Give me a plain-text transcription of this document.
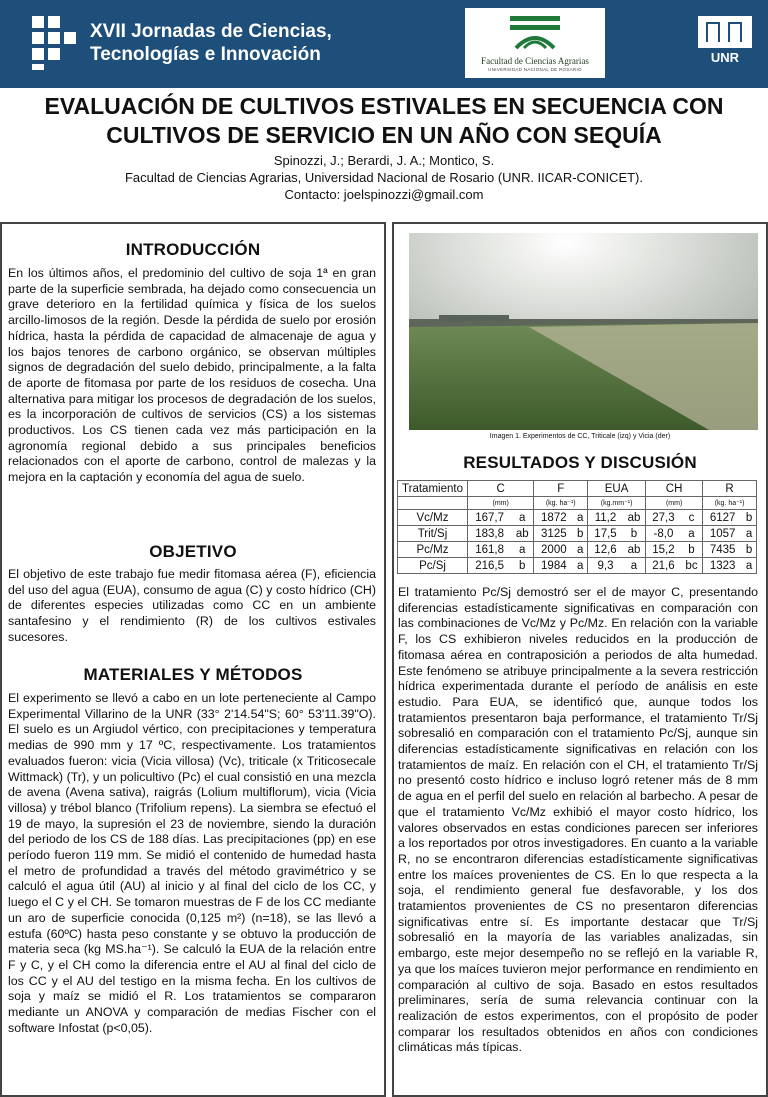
XVII Jornadas de Ciencias,
Tecnologías e Innovación	Facultad de Ciencias Agrarias
UNIVERSIDAD NACIONAL DE ROSARIO
UNR
EVALUACIÓN DE CULTIVOS ESTIVALES EN SECUENCIA CON
CULTIVOS DE SERVICIO EN UN AÑO CON SEQUÍA
Spinozzi, J.; Berardi, J. A.; Montico, S.
Facultad de Ciencias Agrarias, Universidad Nacional de Rosario (UNR. IICAR-CONICET).
Contacto: joelspinozzi@gmail.com
INTRODUCCIÓN
En los últimos años, el predominio del cultivo de soja 1ª en gran parte de la superficie sembrada, ha dejado como consecuencia un grave deterioro en la fertilidad química y física de los suelos arcillo-limosos de la región. Desde la pérdida de suelo por erosión hídrica, hasta la pérdida de capacidad de almacenaje de agua y los bajos tenores de carbono orgánico, se observan múltiples signos de degradación del suelo debido, principalmente, a la falta de aporte de fitomasa por parte de los residuos de cosecha. Una alternativa para mitigar los procesos de degradación de los suelos, es la incorporación de cultivos de servicios (CS) a los sistemas productivos. Los CS tienen cada vez más participación en la agronomía regional debido a sus principales beneficios relacionados con el aporte de carbono, control de malezas y la mejora en la captación y economía del agua de suelo.
OBJETIVO
El objetivo de este trabajo fue medir fitomasa aérea (F), eficiencia del uso del agua (EUA), consumo de agua (C) y costo hídrico (CH) de diferentes especies utilizadas como CC en un ambiente santafesino y el rendimiento (R) de los cultivos estivales sucesores.
MATERIALES Y MÉTODOS
El experimento se llevó a cabo en un lote perteneciente al Campo Experimental Villarino de la UNR (33° 2'14.54"S; 60° 53'11.39"O). El suelo es un Argiudol vértico, con precipitaciones y temperatura medias de 990 mm y 17 ºC, respectivamente. Los tratamientos evaluados fueron: vicia (Vicia villosa) (Vc), triticale (x Triticosecale Wittmack) (Tr), y un policultivo (Pc) el cual consistió en una mezcla de avena (Avena sativa), raigrás (Lolium multiflorum), vicia (Vicia villosa) y trébol blanco (Trifolium repens). La siembra se efectuó el 19 de mayo, la supresión el 23 de noviembre, siendo la duración del periodo de los CS de 188 días. Las precipitaciones (pp) en ese período fueron 119 mm. Se midió el contenido de humedad hasta el metro de profundidad a través del método gravimétrico y se calculó el agua útil (AU) al inicio y al final del ciclo de los CC, y luego el C y el CH. Se tomaron muestras de F de los CC mediante un aro de superficie conocida (0,125 m²) (n=18), se las llevó a estufa (60ºC) hasta peso constante y se obtuvo la producción de materia seca (kg MS.ha⁻¹). Se calculó la EUA de la relación entre F y C, y el CH como la diferencia entre el AU al final del ciclo de los CC y el AU del testigo en la misma fecha. En los cultivos de soja y maíz se midió el R. Los tratamientos se compararon mediante un ANOVA y comparación de medias Fischer con el software Infostat (p<0,05).
Imagen 1. Experimentos de CC, Triticale (izq) y Vicia (der)
RESULTADOS Y DISCUSIÓN
Tratamiento	C		F		EUA		CH		R	
	(mm)		(kg. ha⁻¹)		(kg.mm⁻¹)		(mm)		(kg. ha⁻¹)	
Vc/Mz	167,7	a	1872	a	11,2	ab	27,3	c	6127	b
Trit/Sj	183,8	ab	3125	b	17,5	b	-8,0	a	1057	a
Pc/Mz	161,8	a	2000	a	12,6	ab	15,2	b	7435	b
Pc/Sj	216,5	b	1984	a	9,3	a	21,6	bc	1323	a
El tratamiento Pc/Sj demostró ser el de mayor C, presentando diferencias estadísticamente significativas en comparación con las combinaciones de Vc/Mz y Pc/Mz. En relación con la variable F, los CS exhibieron niveles reducidos en la producción de fitomasa aérea en contraposición a periodos de alta humedad. Este fenómeno se atribuye principalmente a la severa restricción hídrica experimentada durante el período de análisis en este estudio. Para EUA, se identificó que, aunque todos los tratamientos presentaron baja performance, el tratamiento Tr/Sj sobresalió en comparación con el tratamiento Pc/Sj, aunque sin diferencias estadísticamente significativas en relación con los tratamientos de maíz. En relación con el CH, el tratamiento Tr/Sj no presentó costo hídrico e incluso logró retener más de 8 mm de agua en el perfil del suelo en relación al barbecho. A pesar de que el tratamiento Vc/Mz exhibió el mayor costo hídrico, los valores observados en estas condiciones parecen ser inferiores a los reportados por otros investigadores. En cuanto a la variable R, no se encontraron diferencias estadísticamente significativas entre los maíces provenientes de CS. En lo que respecta a la soja, el rendimiento general fue desfavorable, y los dos tratamientos provenientes de CS no presentaron diferencias significativas entre sí. Es importante destacar que Tr/Sj sobresalió en la mayoría de las variables analizadas, sin embargo, este mejor desempeño no se reflejó en la variable R, ya que los maíces tuvieron mejor performance en rendimiento en comparación al cultivo de soja. Basado en estos resultados preliminares, sería de suma relevancia continuar con la realización de estos experimentos, con el propósito de poder comparar los resultados obtenidos en años con condiciones climáticas más típicas.
